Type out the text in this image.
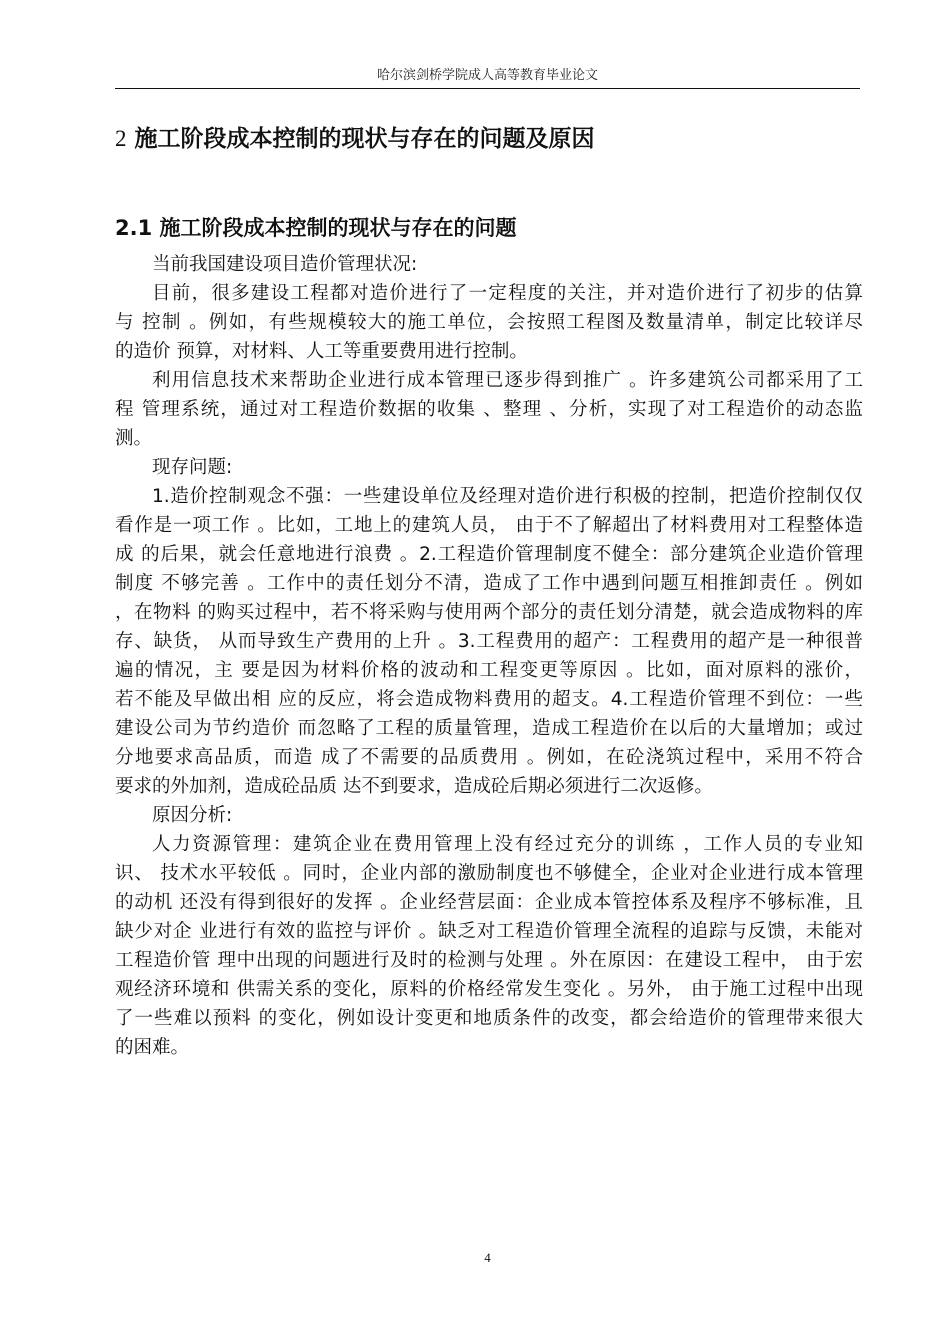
哈尔滨剑桥学院成人高等教育毕业论文
2 施工阶段成本控制的现状与存在的问题及原因
2.1 施工阶段成本控制的现状与存在的问题
当前我国建设项目造价管理状况:
目前，很多建设工程都对造价进行了一定程度的关注，并对造价进行了初步的估算
与 控制 。例如，有些规模较大的施工单位，会按照工程图及数量清单，制定比较详尽
的造价 预算，对材料、人工等重要费用进行控制。
利用信息技术来帮助企业进行成本管理已逐步得到推广 。许多建筑公司都采用了工
程 管理系统，通过对工程造价数据的收集 、整理 、分析，实现了对工程造价的动态监
测。
现存问题:
1.造价控制观念不强：一些建设单位及经理对造价进行积极的控制，把造价控制仅仅
看作是一项工作 。比如，工地上的建筑人员， 由于不了解超出了材料费用对工程整体造
成 的后果，就会任意地进行浪费 。2.工程造价管理制度不健全：部分建筑企业造价管理
制度 不够完善 。工作中的责任划分不清，造成了工作中遇到问题互相推卸责任 。例如
，在物料 的购买过程中，若不将采购与使用两个部分的责任划分清楚，就会造成物料的库
存、缺货， 从而导致生产费用的上升 。3.工程费用的超产：工程费用的超产是一种很普
遍的情况，主 要是因为材料价格的波动和工程变更等原因 。比如，面对原料的涨价，
若不能及早做出相 应的反应，将会造成物料费用的超支。4.工程造价管理不到位：一些
建设公司为节约造价 而忽略了工程的质量管理，造成工程造价在以后的大量增加；或过
分地要求高品质，而造 成了不需要的品质费用 。例如，在砼浇筑过程中，采用不符合
要求的外加剂，造成砼品质 达不到要求，造成砼后期必须进行二次返修。
原因分析:
人力资源管理：建筑企业在费用管理上没有经过充分的训练 ，工作人员的专业知
识、 技术水平较低 。同时，企业内部的激励制度也不够健全，企业对企业进行成本管理
的动机 还没有得到很好的发挥 。企业经营层面：企业成本管控体系及程序不够标准，且
缺少对企 业进行有效的监控与评价 。缺乏对工程造价管理全流程的追踪与反馈，未能对
工程造价管 理中出现的问题进行及时的检测与处理 。外在原因：在建设工程中， 由于宏
观经济环境和 供需关系的变化，原料的价格经常发生变化 。另外， 由于施工过程中出现
了一些难以预料 的变化，例如设计变更和地质条件的改变，都会给造价的管理带来很大
的困难。
4
